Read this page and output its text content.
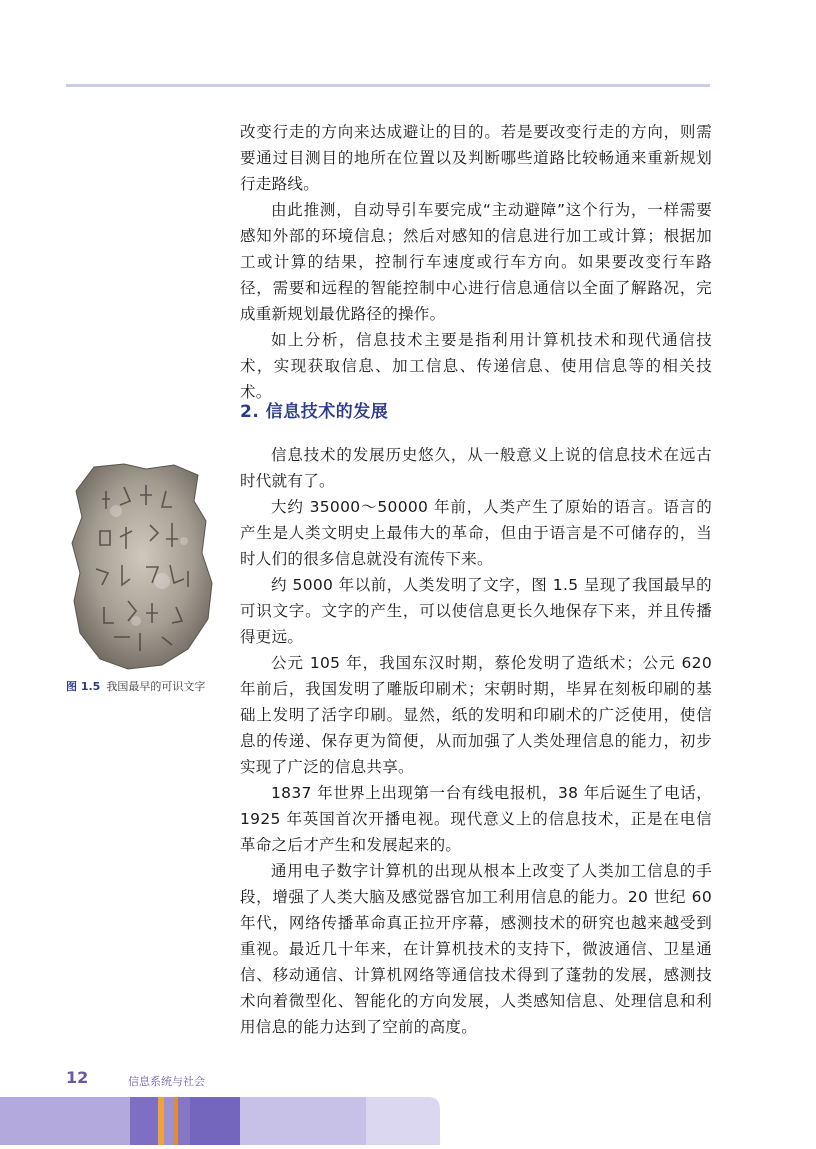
改变行走的方向来达成避让的目的。若是要改变行走的方向，则需要通过目测目的地所在位置以及判断哪些道路比较畅通来重新规划行走路线。

由此推测，自动导引车要完成“主动避障”这个行为，一样需要感知外部的环境信息；然后对感知的信息进行加工或计算；根据加工或计算的结果，控制行车速度或行车方向。如果要改变行车路径，需要和远程的智能控制中心进行信息通信以全面了解路况，完成重新规划最优路径的操作。

如上分析，信息技术主要是指利用计算机技术和现代通信技术，实现获取信息、加工信息、传递信息、使用信息等的相关技术。

2. 信息技术的发展
图 1.5 我国最早的可识文字

信息技术的发展历史悠久，从一般意义上说的信息技术在远古时代就有了。

大约 35000～50000 年前，人类产生了原始的语言。语言的产生是人类文明史上最伟大的革命，但由于语言是不可储存的，当时人们的很多信息就没有流传下来。

约 5000 年以前，人类发明了文字，图 1.5 呈现了我国最早的可识文字。文字的产生，可以使信息更长久地保存下来，并且传播得更远。

公元 105 年，我国东汉时期，蔡伦发明了造纸术；公元 620 年前后，我国发明了雕版印刷术；宋朝时期，毕昇在刻板印刷的基础上发明了活字印刷。显然，纸的发明和印刷术的广泛使用，使信息的传递、保存更为简便，从而加强了人类处理信息的能力，初步实现了广泛的信息共享。

1837 年世界上出现第一台有线电报机，38 年后诞生了电话，1925 年英国首次开播电视。现代意义上的信息技术，正是在电信革命之后才产生和发展起来的。

通用电子数字计算机的出现从根本上改变了人类加工信息的手段，增强了人类大脑及感觉器官加工利用信息的能力。20 世纪 60 年代，网络传播革命真正拉开序幕，感测技术的研究也越来越受到重视。最近几十年来，在计算机技术的支持下，微波通信、卫星通信、移动通信、计算机网络等通信技术得到了蓬勃的发展，感测技术向着微型化、智能化的方向发展，人类感知信息、处理信息和利用信息的能力达到了空前的高度。

12	信息系统与社会
